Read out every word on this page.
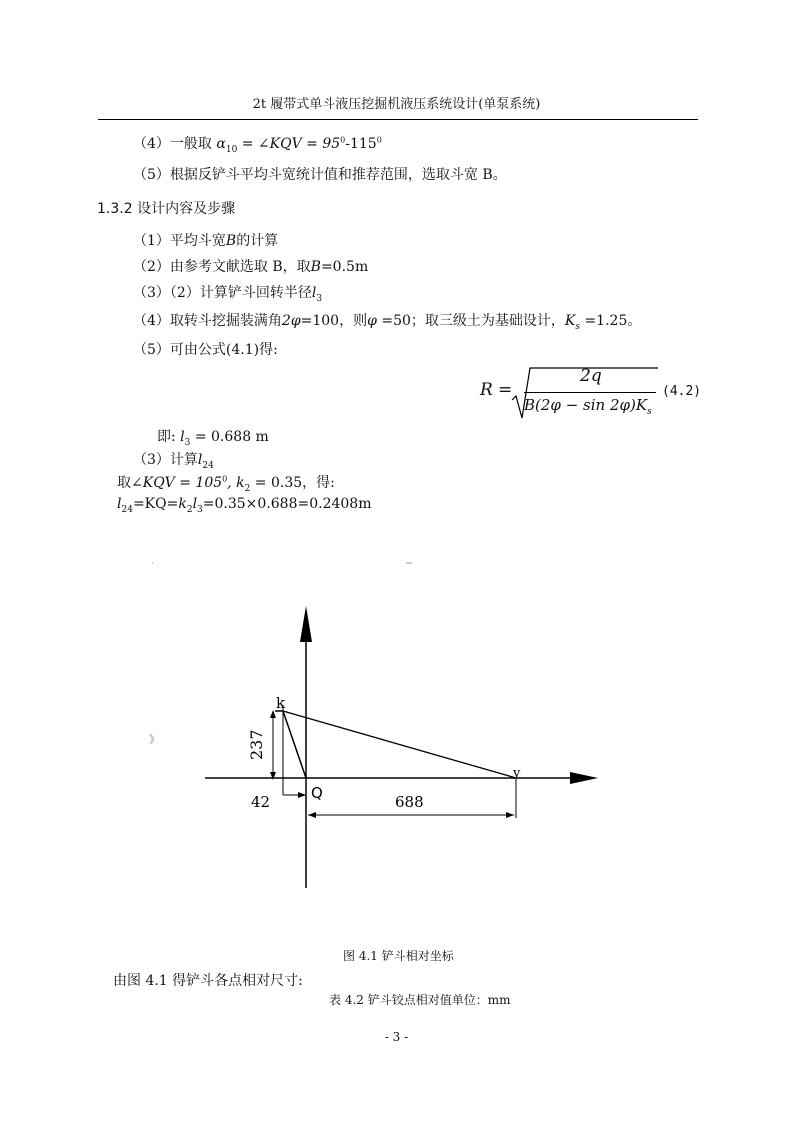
2t 履带式单斗液压挖掘机液压系统设计(单泵系统)
（4）一般取 $\alpha_{10}$ = ∠KQV = $95^0-115^0$
（5）根据反铲斗平均斗宽统计值和推荐范围，选取斗宽 B。
1.3.2 设计内容及步骤
（1）平均斗宽B的计算
（2）由参考文献选取 B，取B=0.5m
（3）（2）计算铲斗回转半径$l_3$
（4）取转斗挖掘装满角2φ=100，则φ =50；取三级土为基础设计，$K_s =1.25$。
（5）可由公式(4.1)得:
R =
2q
$B(2\varphi - \sin 2\varphi)K_s$
(4.2)
即: $l_3 = 0.688$ m
（3）计算$l_{24}$
取∠KQV = $105^0$, $k_2 = 0.35$，得:
$l_{24}=KQ=k_2l_3=0.35\times 0.688=0.2408m$
k
Q
v
237
42	688
》
图 4.1 铲斗相对坐标
由图 4.1 得铲斗各点相对尺寸:
表 4.2 铲斗铰点相对值单位：mm
- 3 -
